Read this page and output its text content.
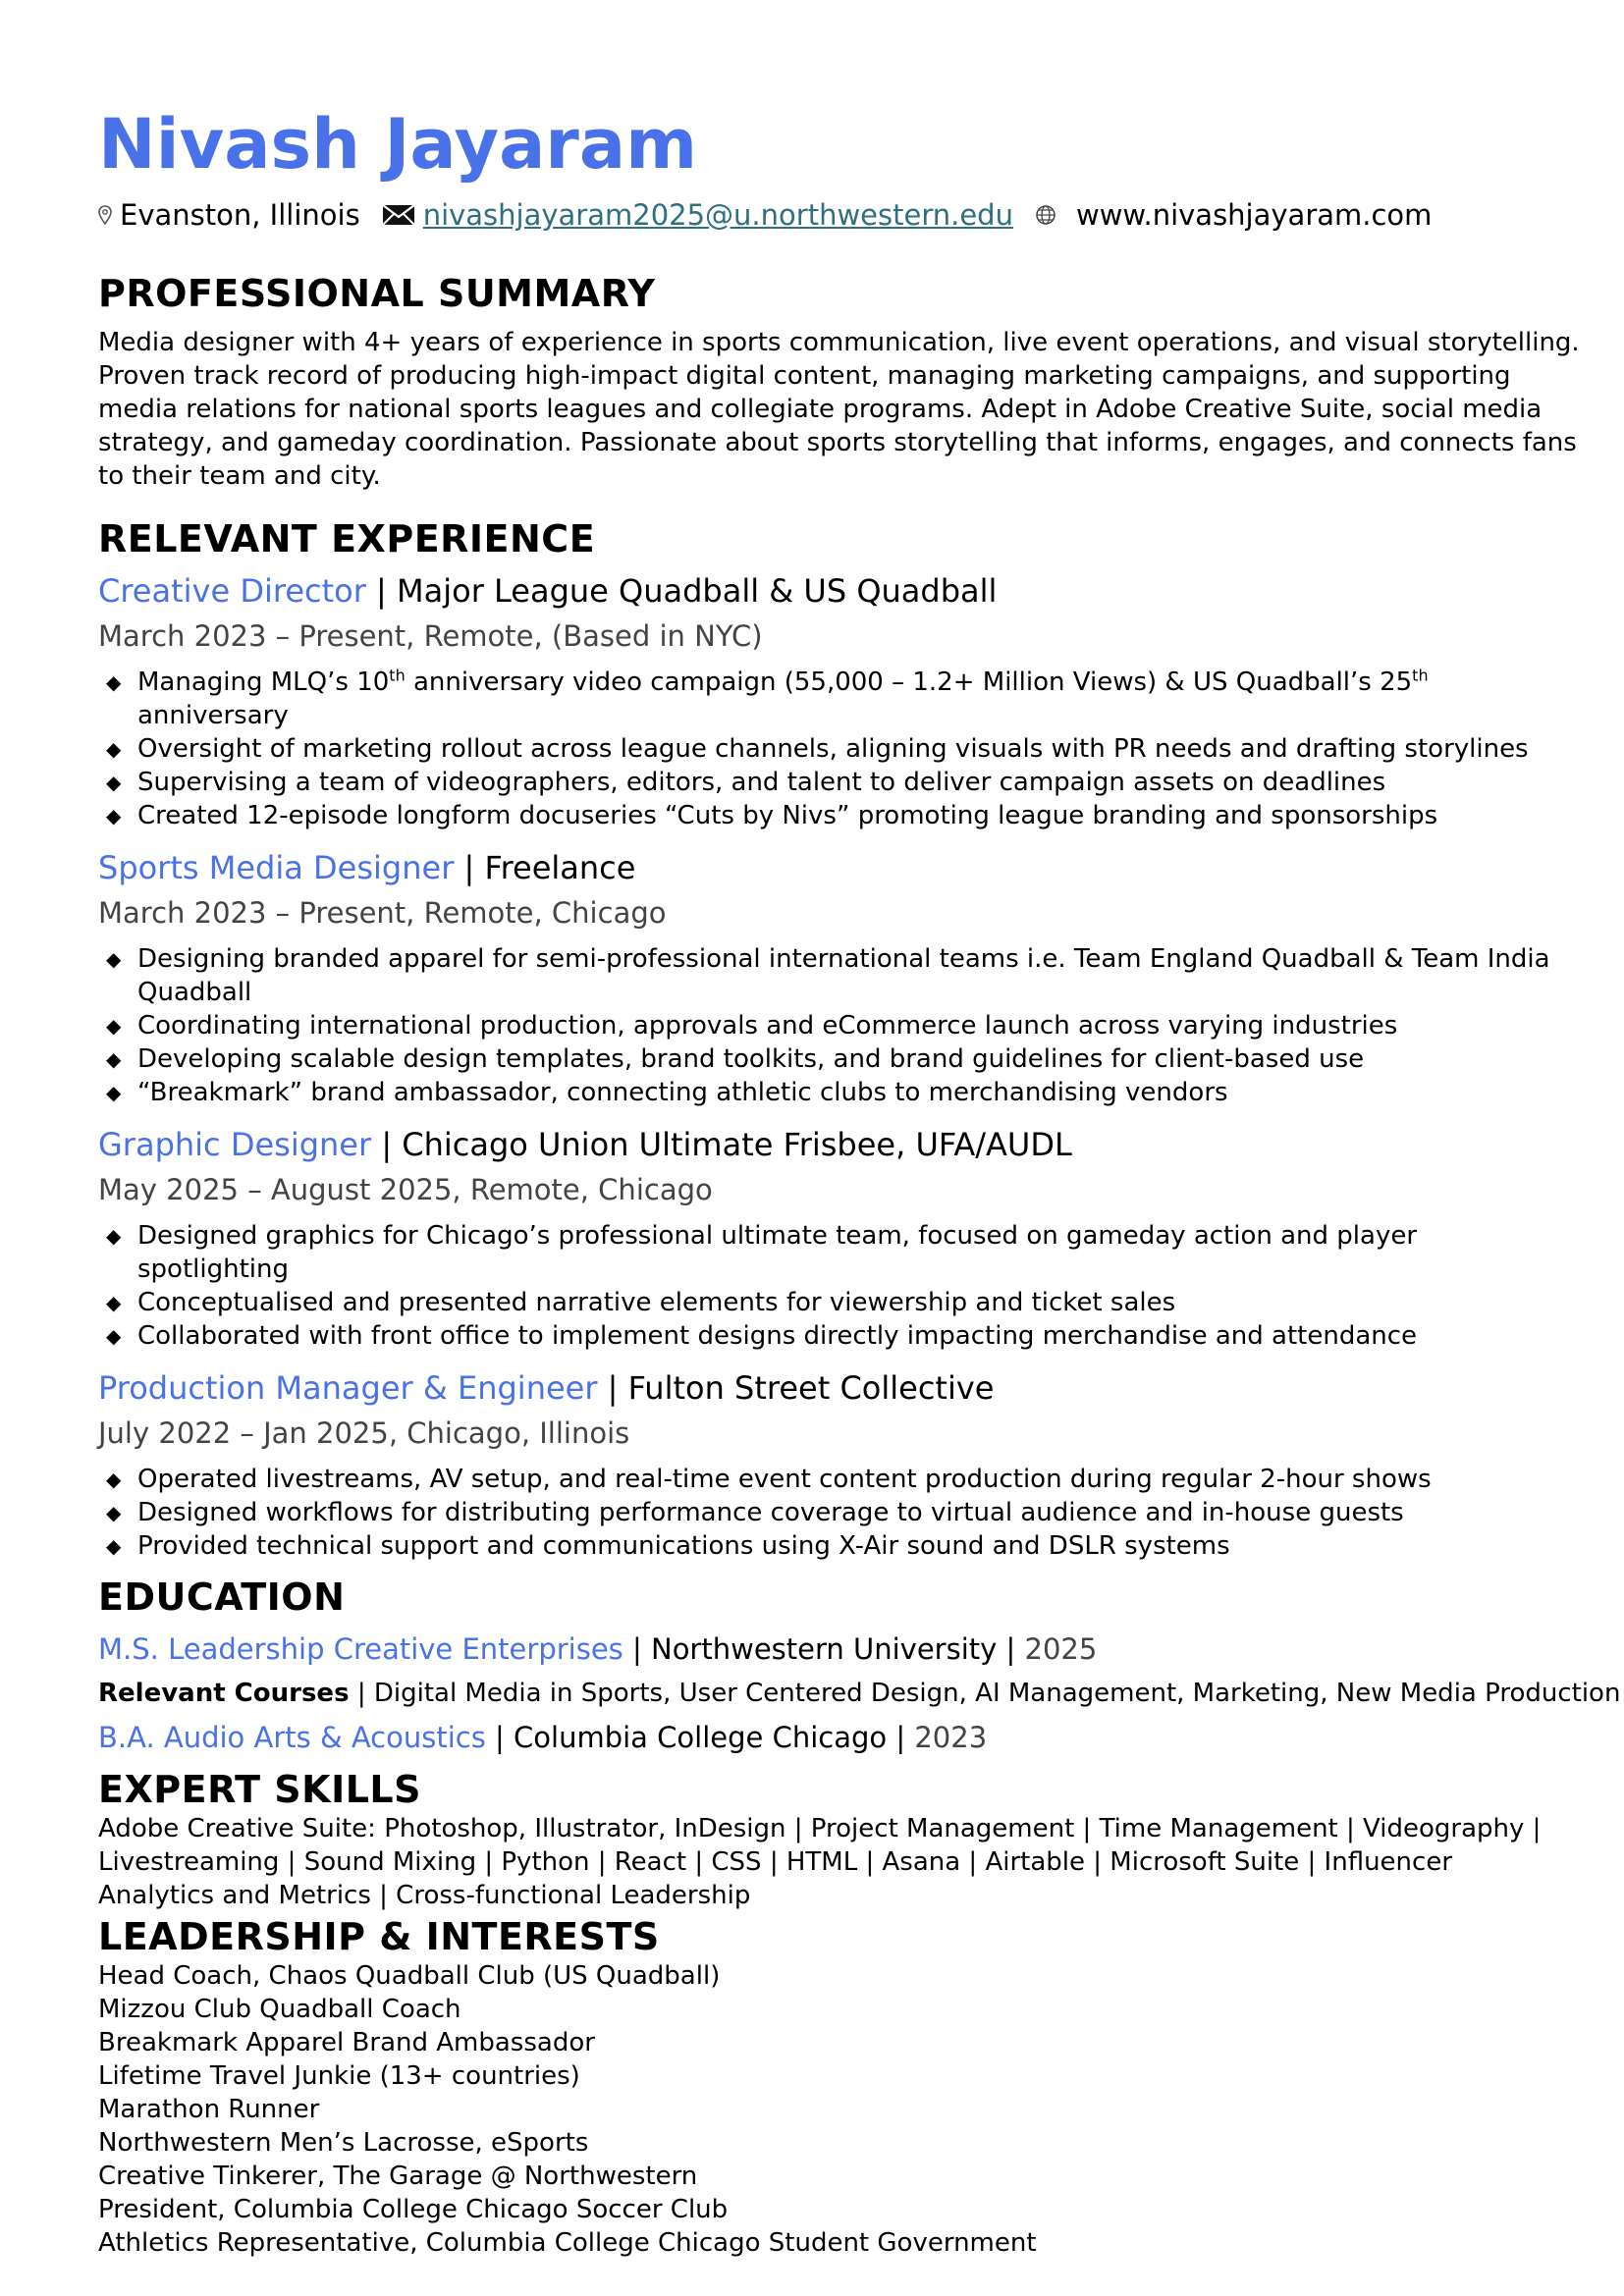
Nivash Jayaram
Evanston, Illinois nivashjayaram2025@u.northwestern.edu www.nivashjayaram.com
PROFESSIONAL SUMMARY
Media designer with 4+ years of experience in sports communication, live event operations, and visual storytelling. Proven track record of producing high-impact digital content, managing marketing campaigns, and supporting media relations for national sports leagues and collegiate programs. Adept in Adobe Creative Suite, social media strategy, and gameday coordination. Passionate about sports storytelling that informs, engages, and connects fans to their team and city.
RELEVANT EXPERIENCE
Creative Director | Major League Quadball & US Quadball
March 2023 – Present, Remote, (Based in NYC)
◆ Managing MLQ’s 10th anniversary video campaign (55,000 – 1.2+ Million Views) & US Quadball’s 25th anniversary
◆ Oversight of marketing rollout across league channels, aligning visuals with PR needs and drafting storylines
◆ Supervising a team of videographers, editors, and talent to deliver campaign assets on deadlines
◆ Created 12-episode longform docuseries “Cuts by Nivs” promoting league branding and sponsorships
Sports Media Designer | Freelance
March 2023 – Present, Remote, Chicago
◆ Designing branded apparel for semi-professional international teams i.e. Team England Quadball & Team India Quadball
◆ Coordinating international production, approvals and eCommerce launch across varying industries
◆ Developing scalable design templates, brand toolkits, and brand guidelines for client-based use
◆ “Breakmark” brand ambassador, connecting athletic clubs to merchandising vendors
Graphic Designer | Chicago Union Ultimate Frisbee, UFA/AUDL
May 2025 – August 2025, Remote, Chicago
◆ Designed graphics for Chicago’s professional ultimate team, focused on gameday action and player spotlighting
◆ Conceptualised and presented narrative elements for viewership and ticket sales
◆ Collaborated with front office to implement designs directly impacting merchandise and attendance
Production Manager & Engineer | Fulton Street Collective
July 2022 – Jan 2025, Chicago, Illinois
◆ Operated livestreams, AV setup, and real-time event content production during regular 2-hour shows
◆ Designed workflows for distributing performance coverage to virtual audience and in-house guests
◆ Provided technical support and communications using X-Air sound and DSLR systems
EDUCATION
M.S. Leadership Creative Enterprises | Northwestern University | 2025
Relevant Courses | Digital Media in Sports, User Centered Design, AI Management, Marketing, New Media Production
B.A. Audio Arts & Acoustics | Columbia College Chicago | 2023
EXPERT SKILLS
Adobe Creative Suite: Photoshop, Illustrator, InDesign | Project Management | Time Management | Videography | Livestreaming | Sound Mixing | Python | React | CSS | HTML | Asana | Airtable | Microsoft Suite | Influencer Analytics and Metrics | Cross-functional Leadership
LEADERSHIP & INTERESTS
Head Coach, Chaos Quadball Club (US Quadball)
Mizzou Club Quadball Coach
Breakmark Apparel Brand Ambassador
Lifetime Travel Junkie (13+ countries)
Marathon Runner
Northwestern Men’s Lacrosse, eSports
Creative Tinkerer, The Garage @ Northwestern
President, Columbia College Chicago Soccer Club
Athletics Representative, Columbia College Chicago Student Government
